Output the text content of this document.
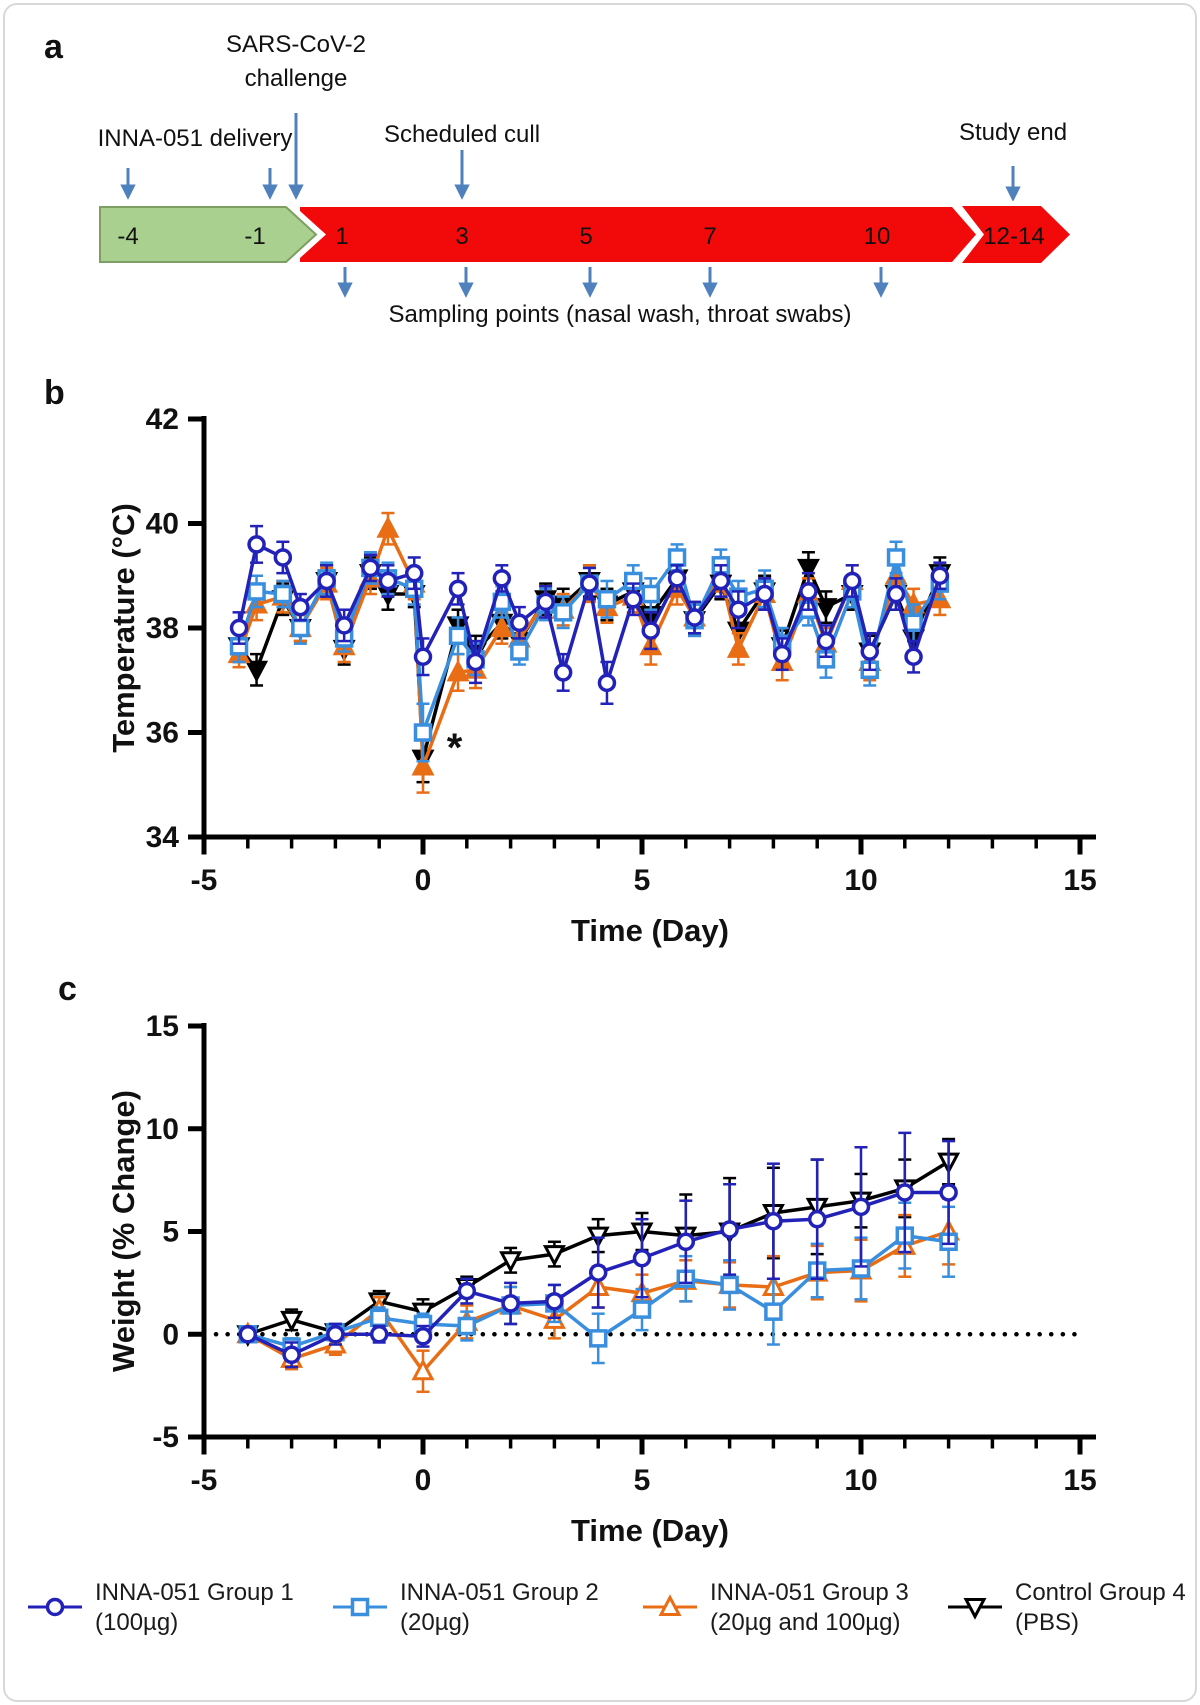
a	SARS-CoV-2
challenge
INNA-051 delivery	Scheduled cull	Study end
-4	-1	1	3	5	7	10	12-14
Sampling points (nasal wash, throat swabs)
b
Temperature (°C)
Time (Day)
-5	0	5	10	15
34
36
38
40
42
*
c
Weight (% Change)
Time (Day)
-5	0	5	10	15
-5
0
5
10
15
INNA-051 Group 1
(100µg)
INNA-051 Group 2
(20µg)
INNA-051 Group 3
(20µg and 100µg)
Control Group 4
(PBS)
